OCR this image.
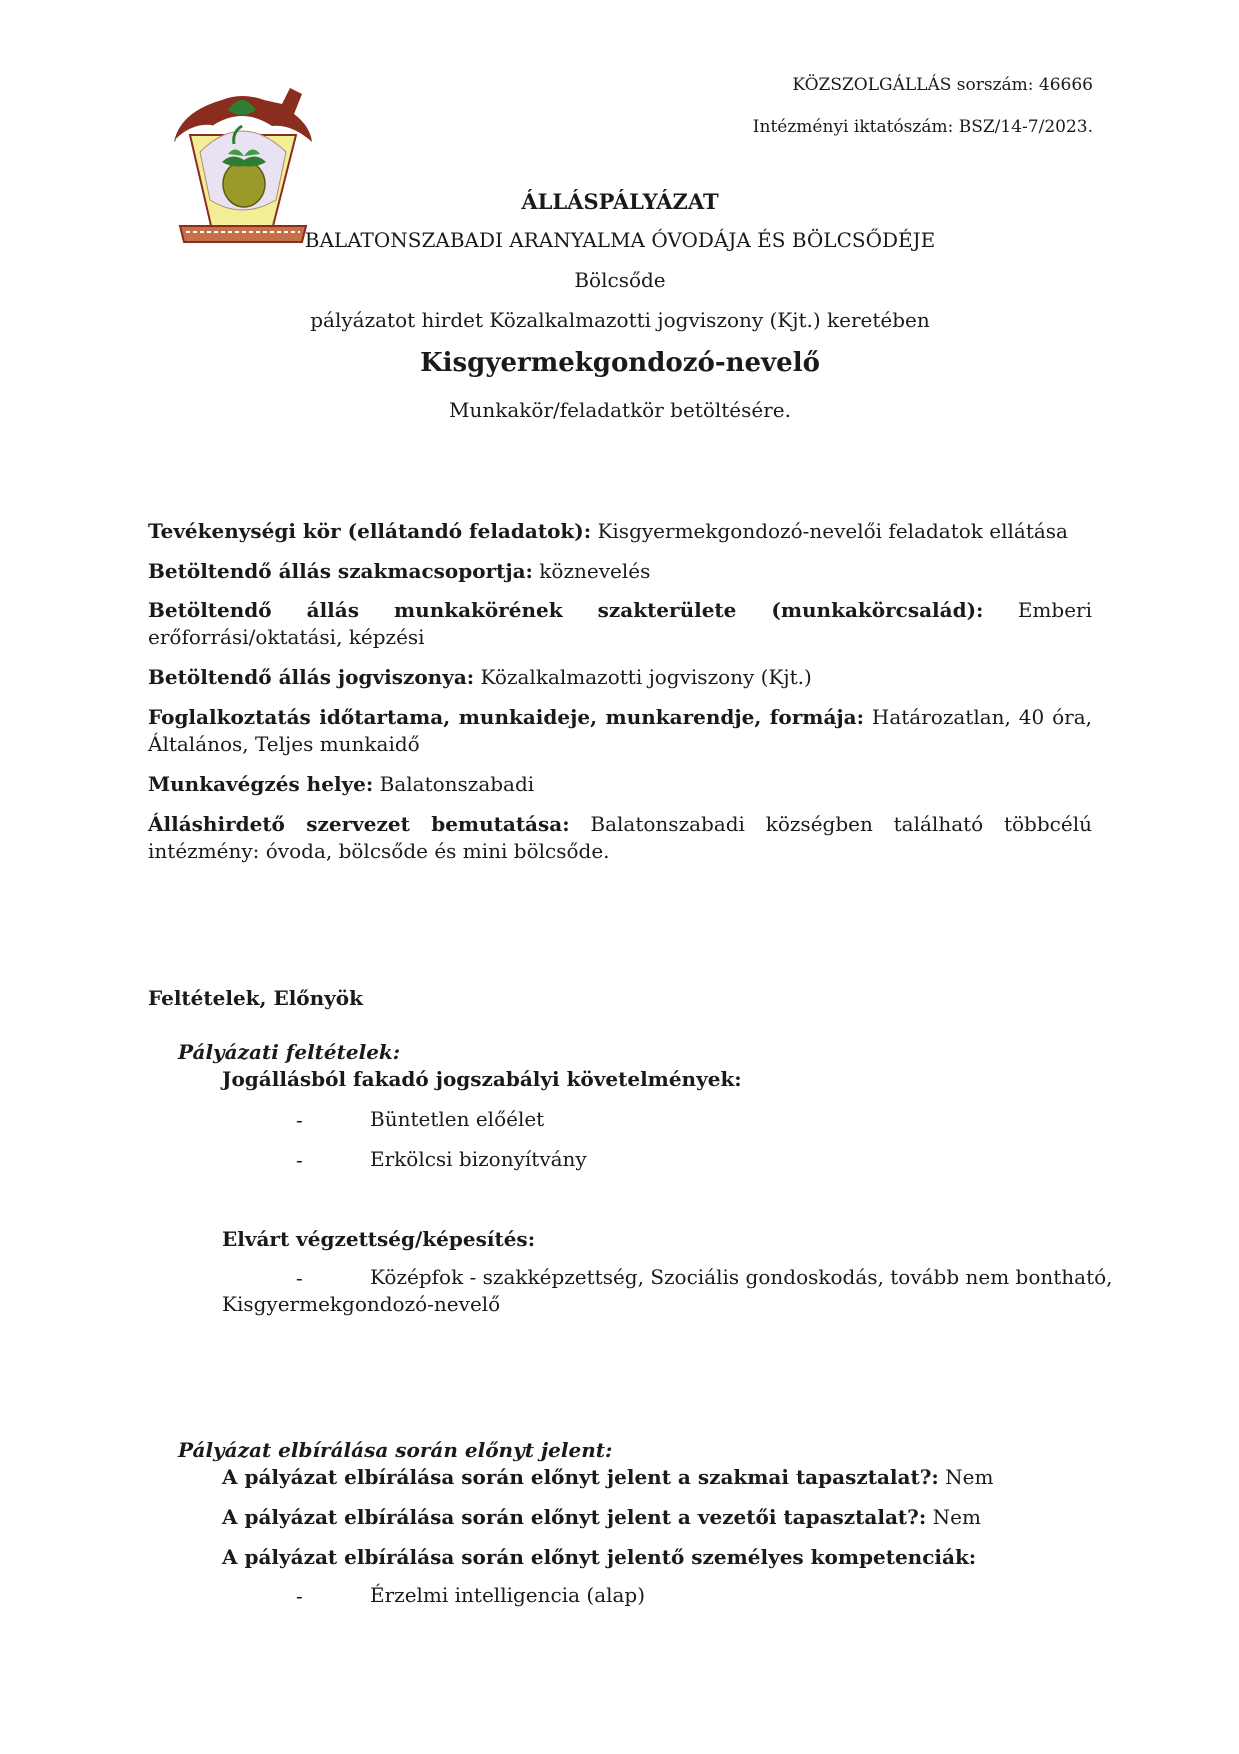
KÖZSZOLGÁLLÁS sorszám: 46666
Intézményi iktatószám: BSZ/14-7/2023.
ÁLLÁSPÁLYÁZAT
BALATONSZABADI ARANYALMA ÓVODÁJA ÉS BÖLCSŐDÉJE
Bölcsőde
pályázatot hirdet Közalkalmazotti jogviszony (Kjt.) keretében
Kisgyermekgondozó-nevelő
Munkakör/feladatkör betöltésére.
Tevékenységi kör (ellátandó feladatok): Kisgyermekgondozó-nevelői feladatok ellátása
Betöltendő állás szakmacsoportja: köznevelés
Betöltendő állás munkakörének szakterülete (munkakörcsalád): Emberi erőforrási/oktatási, képzési
Betöltendő állás jogviszonya: Közalkalmazotti jogviszony (Kjt.)
Foglalkoztatás időtartama, munkaideje, munkarendje, formája: Határozatlan, 40 óra, Általános, Teljes munkaidő
Munkavégzés helye: Balatonszabadi
Álláshirdető szervezet bemutatása: Balatonszabadi községben található többcélú intézmény: óvoda, bölcsőde és mini bölcsőde.
Feltételek, Előnyök
Pályázati feltételek:
Jogállásból fakadó jogszabályi követelmények:
-	Büntetlen előélet
-	Erkölcsi bizonyítvány
Elvárt végzettség/képesítés:
-	Középfok - szakképzettség, Szociális gondoskodás, tovább nem bontható,
Kisgyermekgondozó-nevelő
Pályázat elbírálása során előnyt jelent:
A pályázat elbírálása során előnyt jelent a szakmai tapasztalat?: Nem
A pályázat elbírálása során előnyt jelent a vezetői tapasztalat?: Nem
A pályázat elbírálása során előnyt jelentő személyes kompetenciák:
-	Érzelmi intelligencia (alap)
